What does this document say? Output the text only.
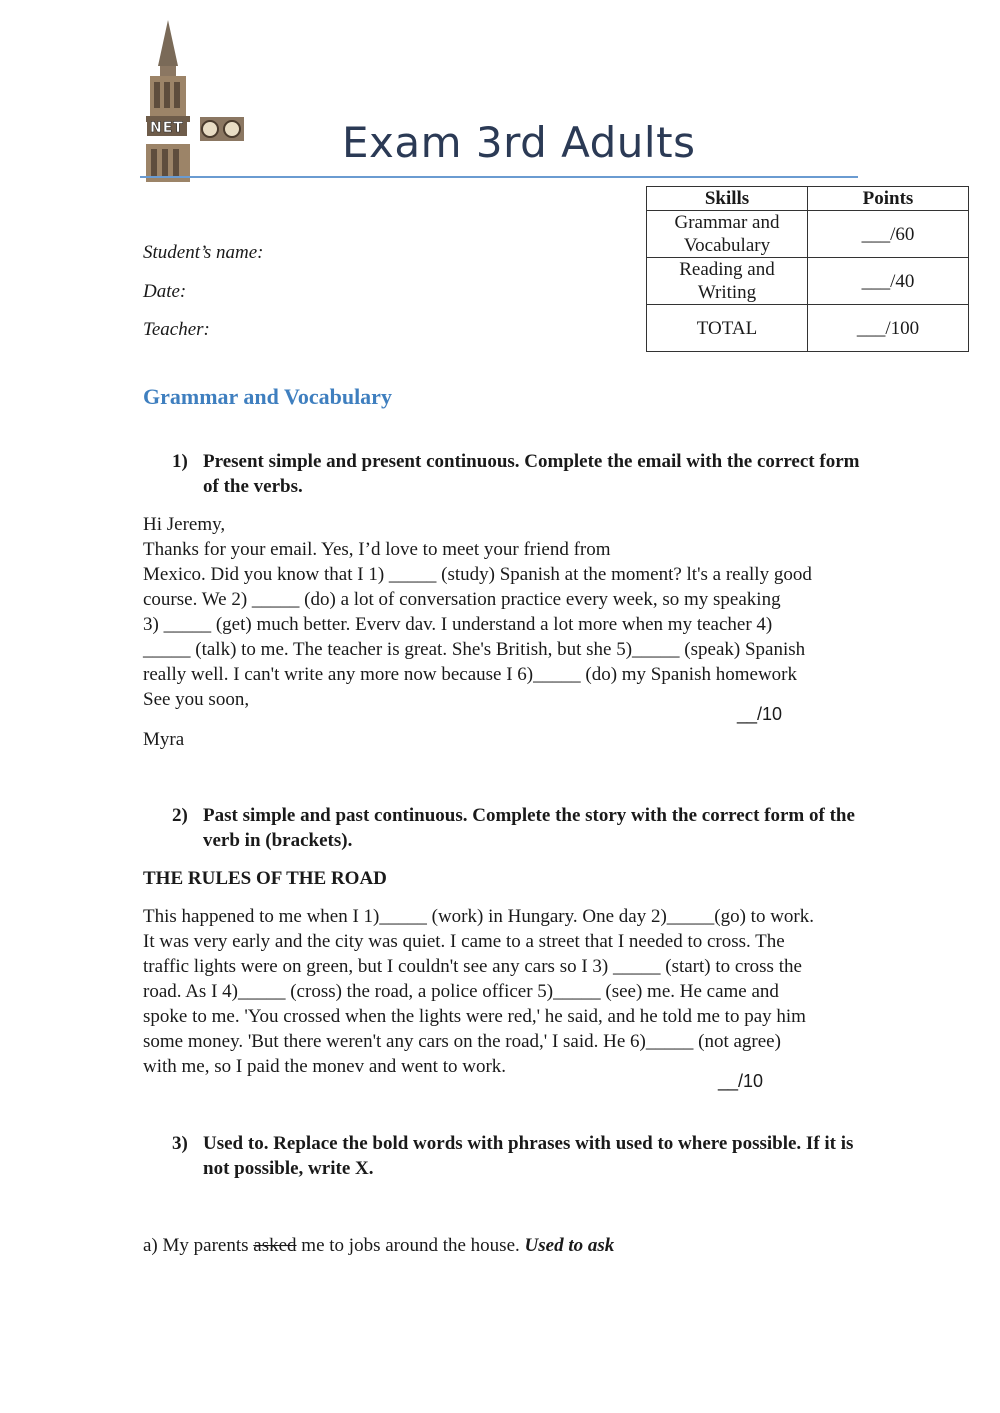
NET	Exam 3rd Adults
Student’s name:
Date:
Teacher:
Skills	Points
Grammar and Vocabulary	___/60
Reading and Writing	___/40
TOTAL	___/100
Grammar and Vocabulary
1) Present simple and present continuous. Complete the email with the correct form of the verbs.
Hi Jeremy,
Thanks for your email. Yes, I’d love to meet your friend from
Mexico. Did you know that I 1) _____ (study) Spanish at the moment? lt's a really good
course. We 2) _____ (do) a lot of conversation practice every week, so my speaking
3) _____ (get) much better. Everv dav. I understand a lot more when my teacher 4)
_____ (talk) to me. The teacher is great. She's British, but she 5)_____ (speak) Spanish
really well. I can't write any more now because I 6)_____ (do) my Spanish homework
See you soon,
__/10
Myra
2) Past simple and past continuous. Complete the story with the correct form of the verb in (brackets).
THE RULES OF THE ROAD
This happened to me when I 1)_____ (work) in Hungary. One day 2)_____(go) to work.
It was very early and the city was quiet. I came to a street that I needed to cross. The
traffic lights were on green, but I couldn't see any cars so I 3) _____ (start) to cross the
road. As I 4)_____ (cross) the road, a police officer 5)_____ (see) me. He came and
spoke to me. 'You crossed when the lights were red,' he said, and he told me to pay him
some money. 'But there weren't any cars on the road,' I said. He 6)_____ (not agree)
with me, so I paid the monev and went to work.
__/10
3) Used to. Replace the bold words with phrases with used to where possible. If it is not possible, write X.
a) My parents asked me to jobs around the house. Used to ask
